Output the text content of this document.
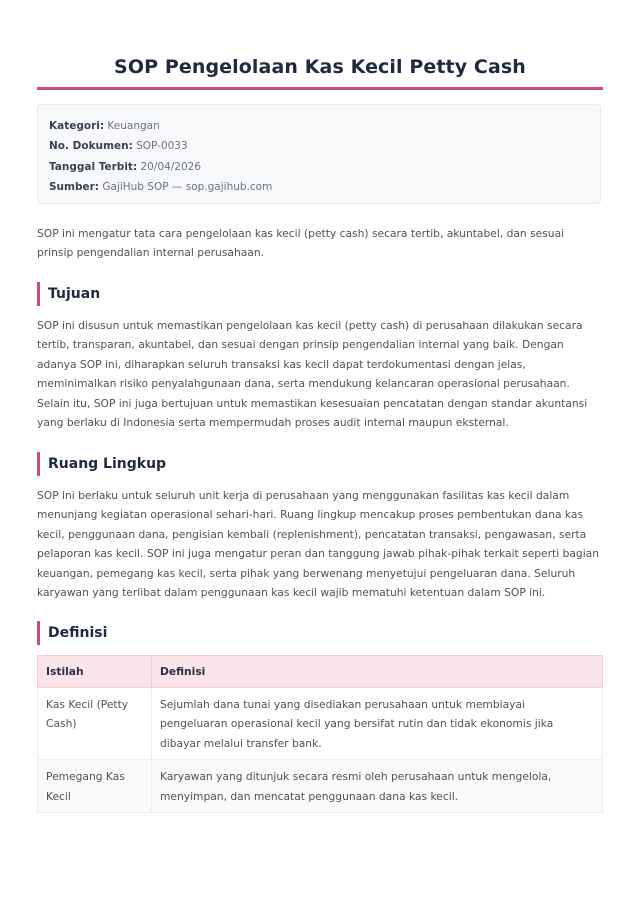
SOP Pengelolaan Kas Kecil Petty Cash
Kategori: Keuangan
No. Dokumen: SOP-0033
Tanggal Terbit: 20/04/2026
Sumber: GajiHub SOP — sop.gajihub.com

SOP ini mengatur tata cara pengelolaan kas kecil (petty cash) secara tertib, akuntabel, dan sesuai prinsip pengendalian internal perusahaan.

Tujuan

SOP ini disusun untuk memastikan pengelolaan kas kecil (petty cash) di perusahaan dilakukan secara tertib, transparan, akuntabel, dan sesuai dengan prinsip pengendalian internal yang baik. Dengan adanya SOP ini, diharapkan seluruh transaksi kas kecil dapat terdokumentasi dengan jelas, meminimalkan risiko penyalahgunaan dana, serta mendukung kelancaran operasional perusahaan. Selain itu, SOP ini juga bertujuan untuk memastikan kesesuaian pencatatan dengan standar akuntansi yang berlaku di Indonesia serta mempermudah proses audit internal maupun eksternal.

Ruang Lingkup

SOP ini berlaku untuk seluruh unit kerja di perusahaan yang menggunakan fasilitas kas kecil dalam menunjang kegiatan operasional sehari-hari. Ruang lingkup mencakup proses pembentukan dana kas kecil, penggunaan dana, pengisian kembali (replenishment), pencatatan transaksi, pengawasan, serta pelaporan kas kecil. SOP ini juga mengatur peran dan tanggung jawab pihak-pihak terkait seperti bagian keuangan, pemegang kas kecil, serta pihak yang berwenang menyetujui pengeluaran dana. Seluruh karyawan yang terlibat dalam penggunaan kas kecil wajib mematuhi ketentuan dalam SOP ini.

Definisi
Istilah	Definisi
Kas Kecil (Petty Cash)	Sejumlah dana tunai yang disediakan perusahaan untuk membiayai pengeluaran operasional kecil yang bersifat rutin dan tidak ekonomis jika dibayar melalui transfer bank.
Pemegang Kas Kecil	Karyawan yang ditunjuk secara resmi oleh perusahaan untuk mengelola, menyimpan, dan mencatat penggunaan dana kas kecil.
